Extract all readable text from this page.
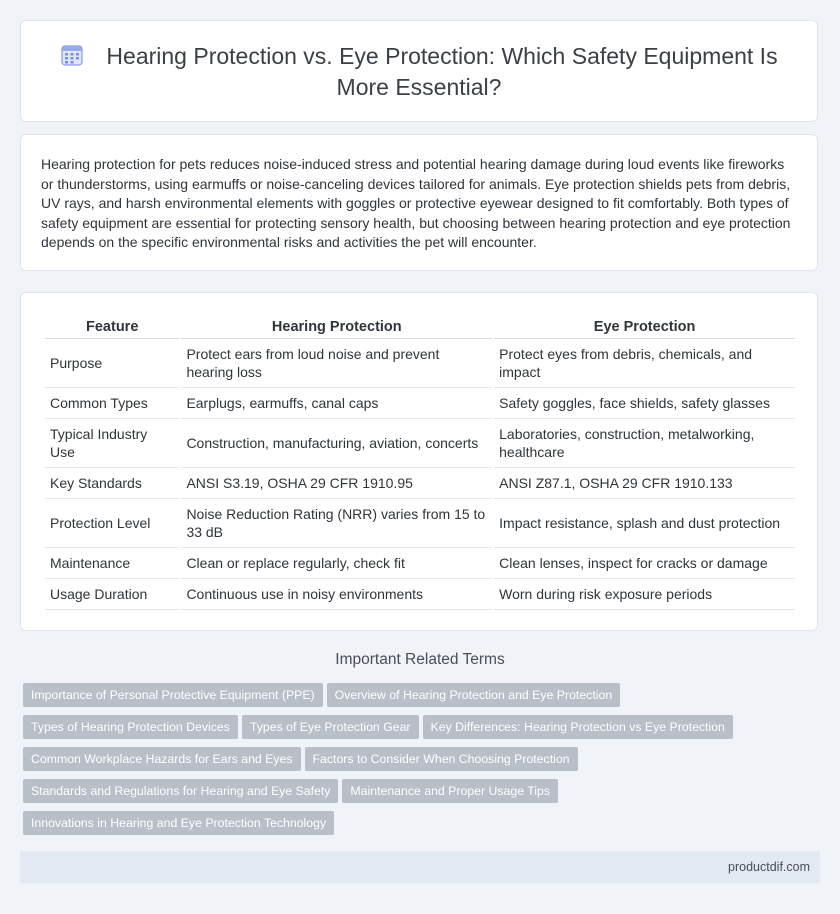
Hearing Protection vs. Eye Protection: Which Safety Equipment Is More Essential?

Hearing protection for pets reduces noise-induced stress and potential hearing damage during loud events like fireworks or thunderstorms, using earmuffs or noise-canceling devices tailored for animals. Eye protection shields pets from debris, UV rays, and harsh environmental elements with goggles or protective eyewear designed to fit comfortably. Both types of safety equipment are essential for protecting sensory health, but choosing between hearing protection and eye protection depends on the specific environmental risks and activities the pet will encounter.

Feature	Hearing Protection	Eye Protection
Purpose	Protect ears from loud noise and prevent hearing loss	Protect eyes from debris, chemicals, and impact
Common Types	Earplugs, earmuffs, canal caps	Safety goggles, face shields, safety glasses
Typical Industry Use	Construction, manufacturing, aviation, concerts	Laboratories, construction, metalworking, healthcare
Key Standards	ANSI S3.19, OSHA 29 CFR 1910.95	ANSI Z87.1, OSHA 29 CFR 1910.133
Protection Level	Noise Reduction Rating (NRR) varies from 15 to 33 dB	Impact resistance, splash and dust protection
Maintenance	Clean or replace regularly, check fit	Clean lenses, inspect for cracks or damage
Usage Duration	Continuous use in noisy environments	Worn during risk exposure periods
Important Related Terms
Importance of Personal Protective Equipment (PPE) Overview of Hearing Protection and Eye Protection
Types of Hearing Protection Devices Types of Eye Protection Gear Key Differences: Hearing Protection vs Eye Protection
Common Workplace Hazards for Ears and Eyes Factors to Consider When Choosing Protection
Standards and Regulations for Hearing and Eye Safety Maintenance and Proper Usage Tips
Innovations in Hearing and Eye Protection Technology
productdif.com
